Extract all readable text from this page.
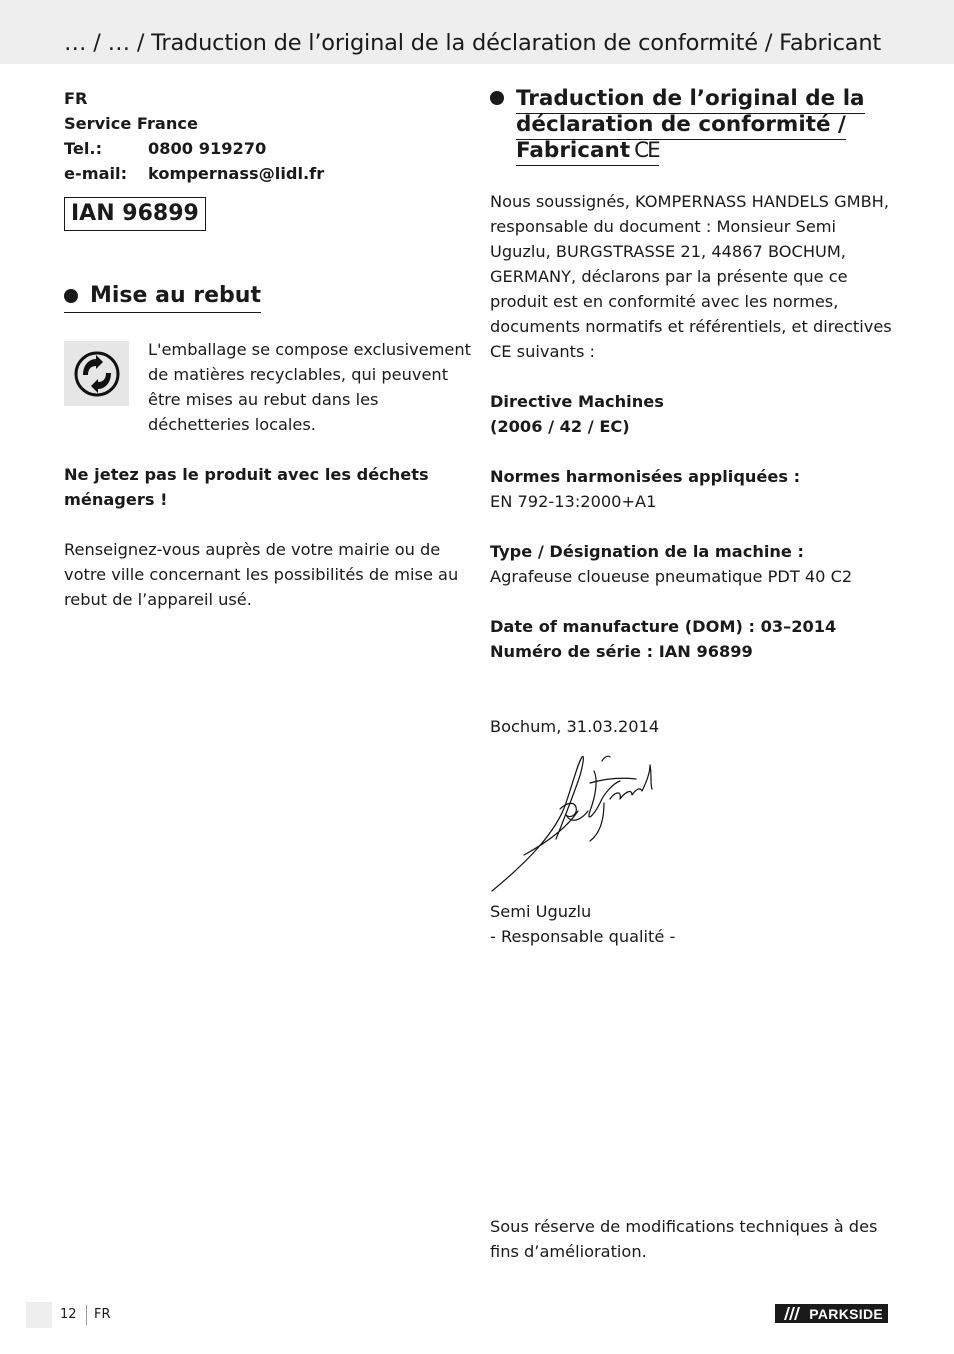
… / … / Traduction de l’original de la déclaration de conformité / Fabricant
FR
Service France
Tel.:	0800 919270
e-mail:	kompernass@lidl.fr
IAN 96899
Mise au rebut

L'emballage se compose exclusivement de matières recyclables, qui peuvent être mises au rebut dans les déchetteries locales.

Ne jetez pas le produit avec les déchets ménagers !

Renseignez-vous auprès de votre mairie ou de votre ville concernant les possibilités de mise au rebut de l’appareil usé.

Traduction de l’original de la déclaration de conformité / Fabricant CE

Nous soussignés, KOMPERNASS HANDELS GMBH, responsable du document : Monsieur Semi Uguzlu, BURGSTRASSE 21, 44867 BOCHUM, GERMANY, déclarons par la présente que ce produit est en conformité avec les normes, documents normatifs et référentiels, et directives CE suivants :

Directive Machines
(2006 / 42 / EC)
Normes harmonisées appliquées :
EN 792-13:2000+A1
Type / Désignation de la machine :
Agrafeuse cloueuse pneumatique PDT 40 C2
Date of manufacture (DOM) : 03–2014
Numéro de série : IAN 96899
Bochum, 31.03.2014
Semi Uguzlu
- Responsable qualité -

Sous réserve de modifications techniques à des fins d’amélioration.

12 FR	PARKSIDE
